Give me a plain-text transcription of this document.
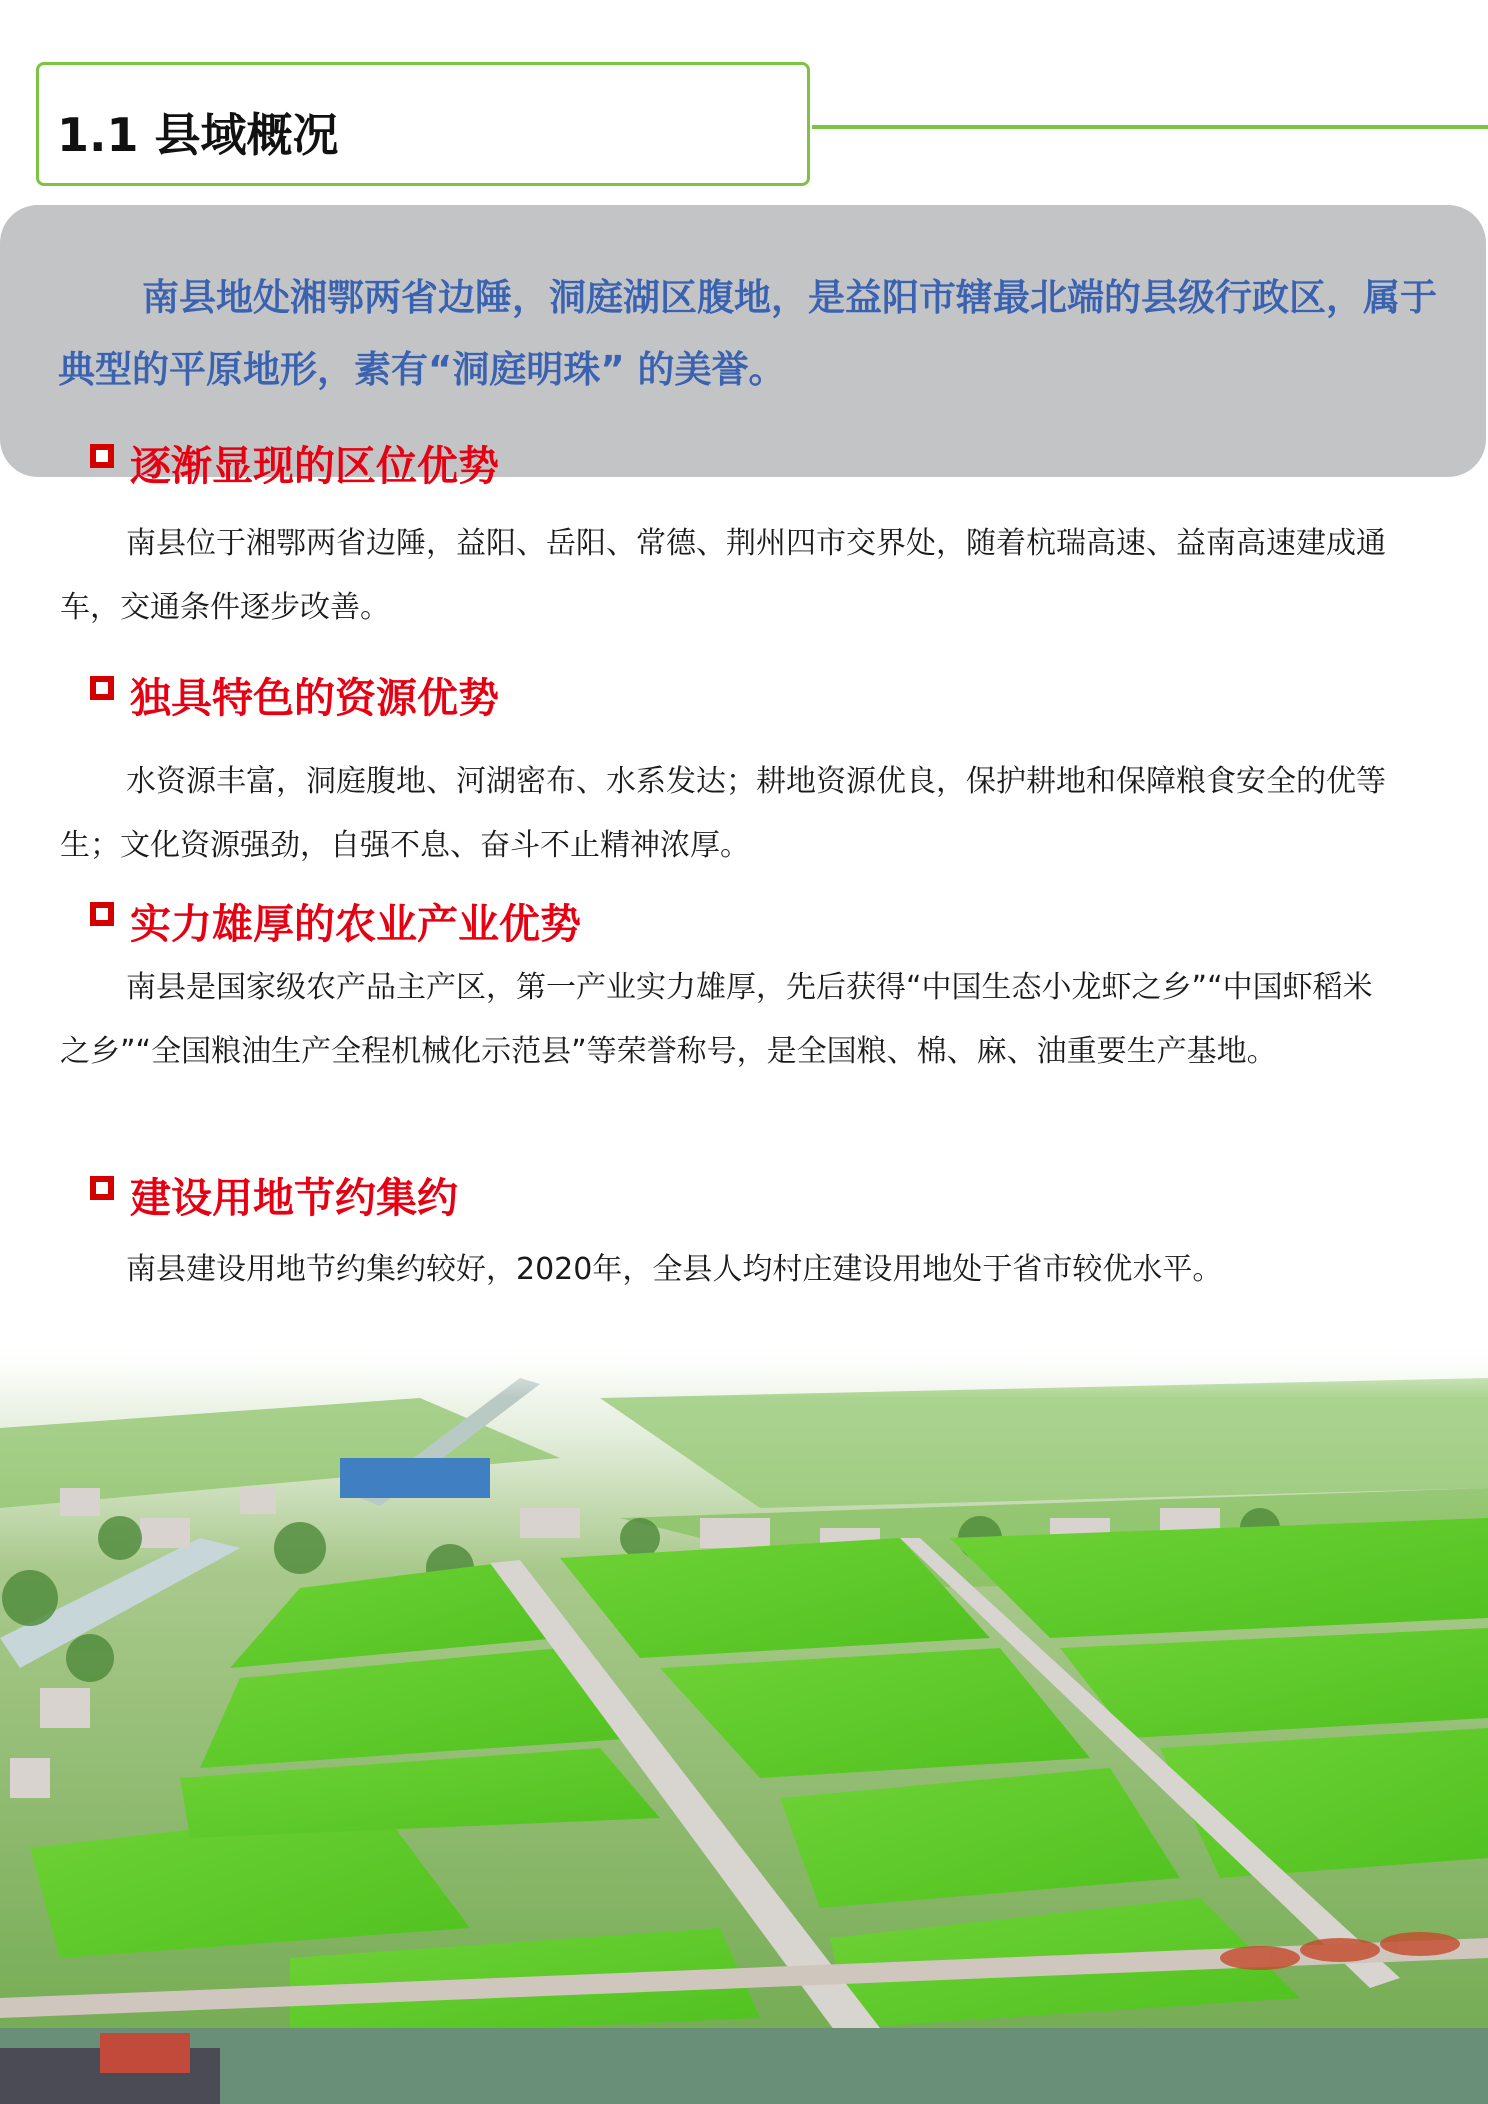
1.1 县域概况
南县地处湘鄂两省边陲，洞庭湖区腹地，是益阳市辖最北端的县级行政区，属于典型的平原地形，素有“洞庭明珠” 的美誉。
逐渐显现的区位优势
南县位于湘鄂两省边陲，益阳、岳阳、常德、荆州四市交界处，随着杭瑞高速、益南高速建成通车，交通条件逐步改善。
独具特色的资源优势
水资源丰富，洞庭腹地、河湖密布、水系发达；耕地资源优良，保护耕地和保障粮食安全的优等生；文化资源强劲，自强不息、奋斗不止精神浓厚。
实力雄厚的农业产业优势
南县是国家级农产品主产区，第一产业实力雄厚，先后获得“中国生态小龙虾之乡”“中国虾稻米之乡”“全国粮油生产全程机械化示范县”等荣誉称号，是全国粮、棉、麻、油重要生产基地。
建设用地节约集约
南县建设用地节约集约较好，2020年，全县人均村庄建设用地处于省市较优水平。
